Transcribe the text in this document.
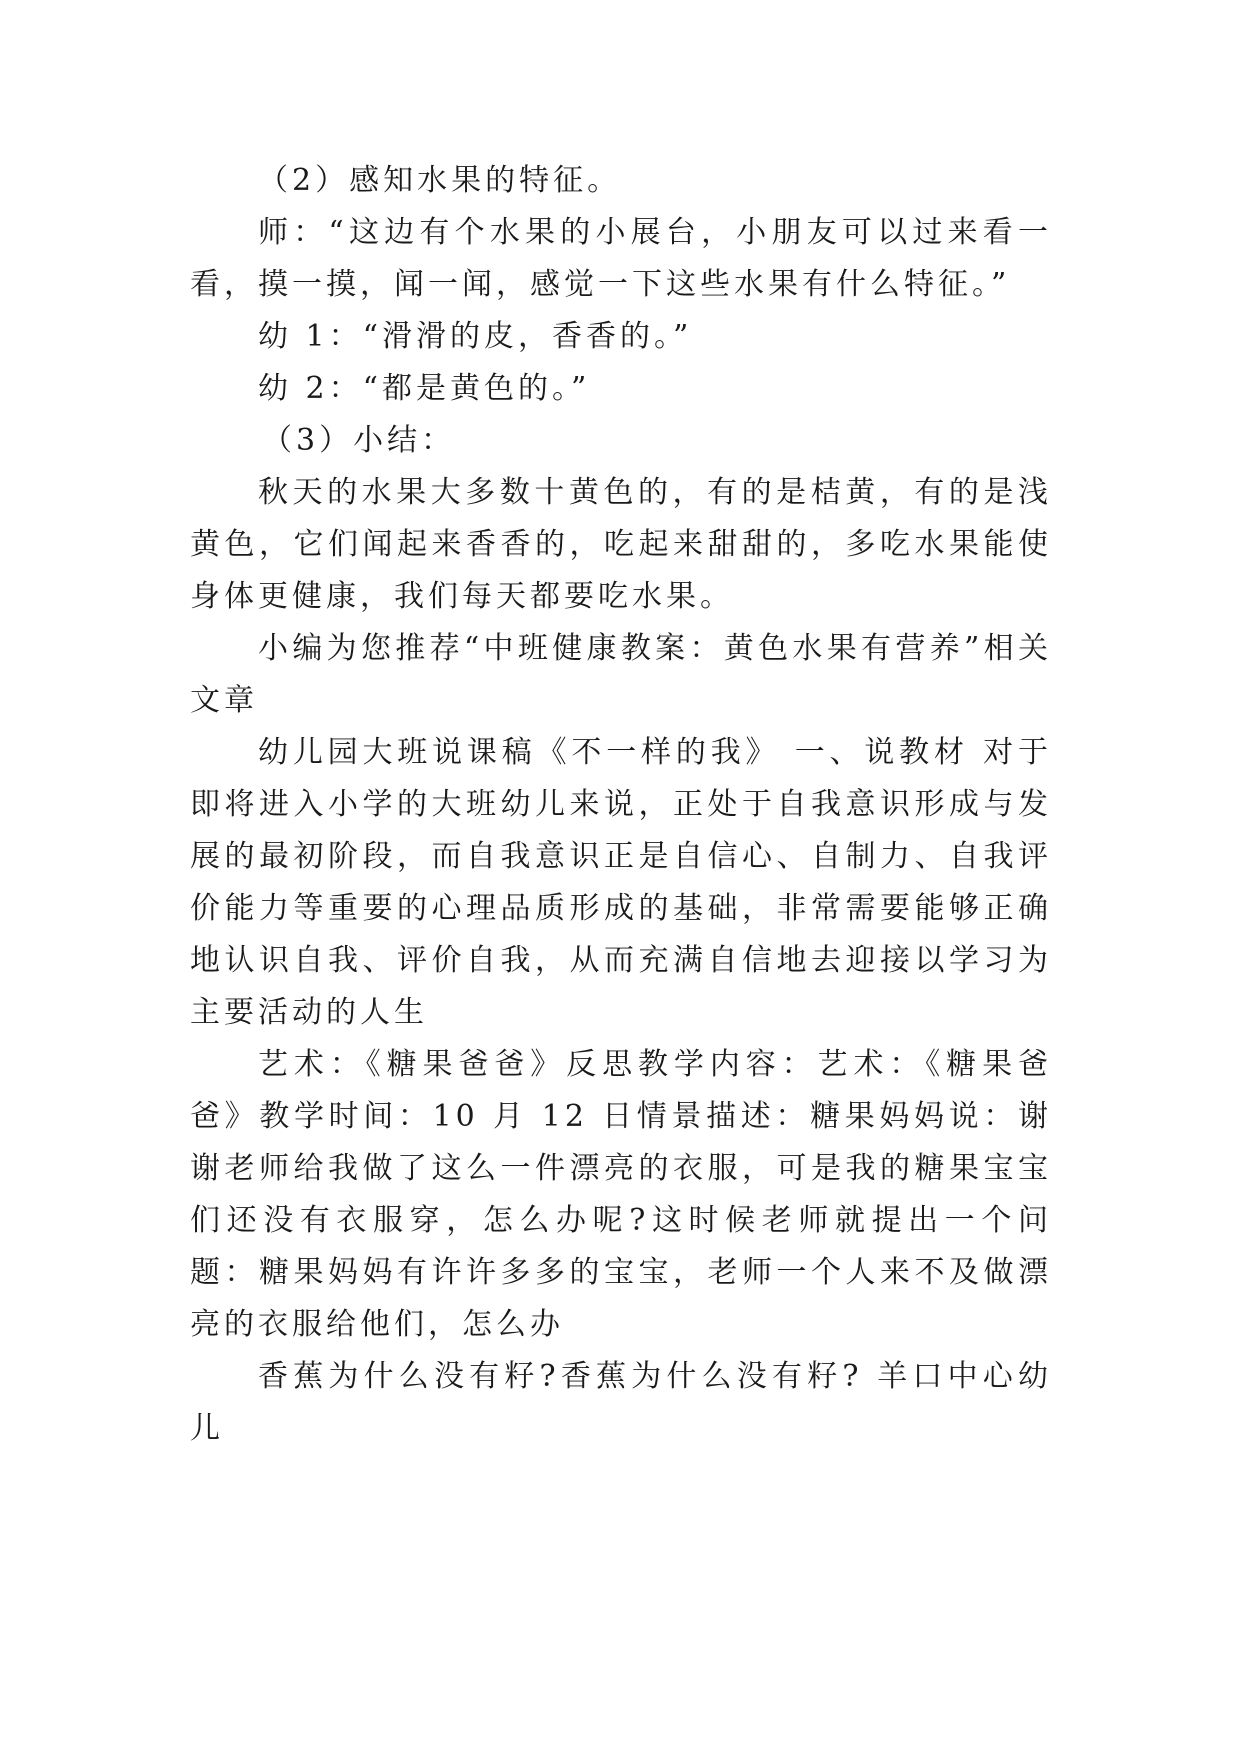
（2）感知水果的特征。

师：“这边有个水果的小展台，小朋友可以过来看一看，摸一摸，闻一闻，感觉一下这些水果有什么特征。”

幼 1：“滑滑的皮，香香的。”

幼 2：“都是黄色的。”

（3）小结：

秋天的水果大多数十黄色的，有的是桔黄，有的是浅黄色，它们闻起来香香的，吃起来甜甜的，多吃水果能使身体更健康，我们每天都要吃水果。

小编为您推荐“中班健康教案：黄色水果有营养”相关文章

幼儿园大班说课稿《不一样的我》 一、说教材 对于即将进入小学的大班幼儿来说，正处于自我意识形成与发展的最初阶段，而自我意识正是自信心、自制力、自我评价能力等重要的心理品质形成的基础，非常需要能够正确地认识自我、评价自我，从而充满自信地去迎接以学习为主要活动的人生

艺术：《糖果爸爸》反思教学内容：艺术：《糖果爸爸》教学时间：10 月 12 日情景描述：糖果妈妈说：谢谢老师给我做了这么一件漂亮的衣服，可是我的糖果宝宝们还没有衣服穿，怎么办呢?这时候老师就提出一个问题：糖果妈妈有许许多多的宝宝，老师一个人来不及做漂亮的衣服给他们，怎么办

香蕉为什么没有籽?香蕉为什么没有籽? 羊口中心幼儿
